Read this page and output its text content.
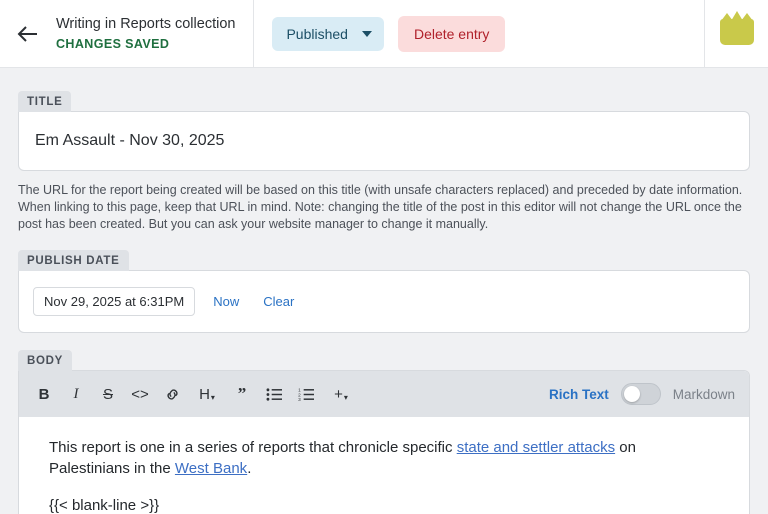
Writing in Reports collection
CHANGES SAVED
Published	Delete entry
TITLE
Em Assault - Nov 30, 2025
The URL for the report being created will be based on this title (with unsafe characters replaced) and preceded by date information. When linking to this page, keep that URL in mind. Note: changing the title of the post in this editor will not change the URL once the post has been created. But you can ask your website manager to change it manually.
PUBLISH DATE
Nov 29, 2025 at 6:31PM	Now	Clear
BODY
B	I	S	<>	H ▾	”	1
2
3 + ▾	Rich Text	Markdown

This report is one in a series of reports that chronicle specific state and settler attacks on Palestinians in the West Bank.

{{< blank-line >}}
